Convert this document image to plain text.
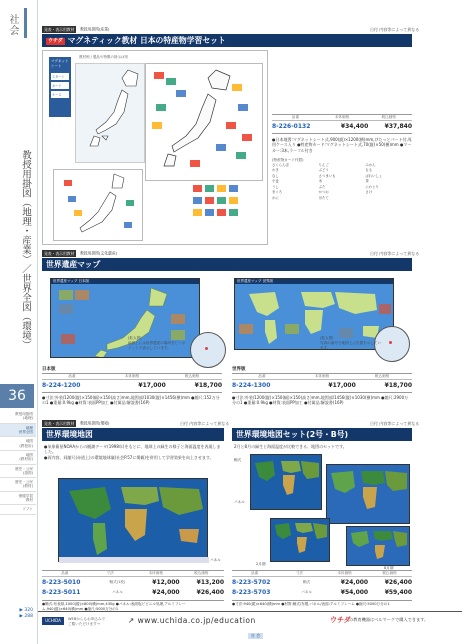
社会
教授用掛図（地理・産業）／世界全図（環境）
36
教授用掛図
(地理)
地理
世界全図
地図
(教授用)
地図
(教材用)
歴史・公民
(掛図)
歴史・公民
(教材)
保健学習
教材
ソフト
▶ 320
▶ 288
発表・表示用教材 教授用掛図(産業)	日付 内容等によって異なる
ウチダ マグネティック教材 日本の特産物学習セット
マグネット
シート
スタート
カード
ケース
教材例 / 製品や特徴の指示は別
品番	本体価格	税込価格
8-226-0132	¥34,400	¥37,840
●日本地図:マグネットシート式,900(縦)×1200(横)mm,ぴたっとパート付,専用ケース入り ●特産物カード:マグネットシート式,70(縦)×50(横)mm ●マーカー:3本,ラーフル付き
(特産物カード代替)
さくらんぼ	りんご	みかん
かき	ぶどう	もも
なし	さつまいも	ばれいしょ
小麦	米	茶
うし	ぶた	にわとり
まぐろ	かつお	さけ
かに	ほたて
発表・表示用教材 教授用掛図(文化遺産)	日付 内容等によって異なる
世界遺産マップ
世界遺産マップ 日本版
(拡大図)
地図上には世界遺産の場所をピンポイントで表示しています。
世界遺産マップ 世界版
(拡大図)
写真の番号で地図上に位置を示しています。
日本版	世界版
品番	本体価格	税込価格
8-224-1200	¥17,000	¥18,700
●寸法:外装/1200(縦)×150(幅)×150(高さ)mm,地図部/1030(縦)×1456(横)mm ●縮尺:152万分の1 ●重量:0.9kg ●材質:表面PP加工 ●付属品:解説書(16P)
品番	本体価格	税込価格
8-224-1300	¥17,000	¥18,700
●寸法:外装/1200(縦)×150(幅)×150(高さ)mm,地図部/1456(縦)×1030(横)mm ●縮尺:2900万分の1 ●重量:0.9kg ●材質:表面PP加工 ●付属品:解説書(16P)
発表・表示用教材 教授用掛図(環境)	日付 内容等によって異なる
世界環境地図
●気象衛星NOAAからの観測データ(1998年)をもとに、地球上の緑生の様子と海面温度を表現しました。
●両内容、同縮尺(赤道上)の環境地球儀(社会P.57に掲載)を併用して学習効果を向上させます。
パネル
品番	寸法	本体価格	税込価格
8-223-5010	軸式(1枚)	¥12,000	¥13,200
8-223-5011	パネル	¥24,000	¥26,400
●軸式:布表紙,1000(縦)×800(横)mm,430g ●パネル:表面塩ビビニル処理,アルミフレーム,940(縦)×640(横)mm ●縮尺:5000万分の1
日付 内容等によって異なる
世界環境地図セット(2号・B号)
2月と8月の緑生と海面温度が比較できる、地図のセットです。
軸式
パネル
2月期
8月期
品番	寸法	本体価格	税込価格
8-223-5702	軸式	¥24,000	¥26,400
8-223-5703	パネル	¥54,000	¥59,400
●寸法:940(縦)×640(横)mm ●材質:軸式/布製,パネル/表面:アルミフレーム ●縮尺:5000万分の1
UCHIDA	WEBからもお申込みで
ご覧いただけます→	↗ www.uchida.co.jp/education	ウチダ
の教育機器はベルマークで購入できます。
社 会
